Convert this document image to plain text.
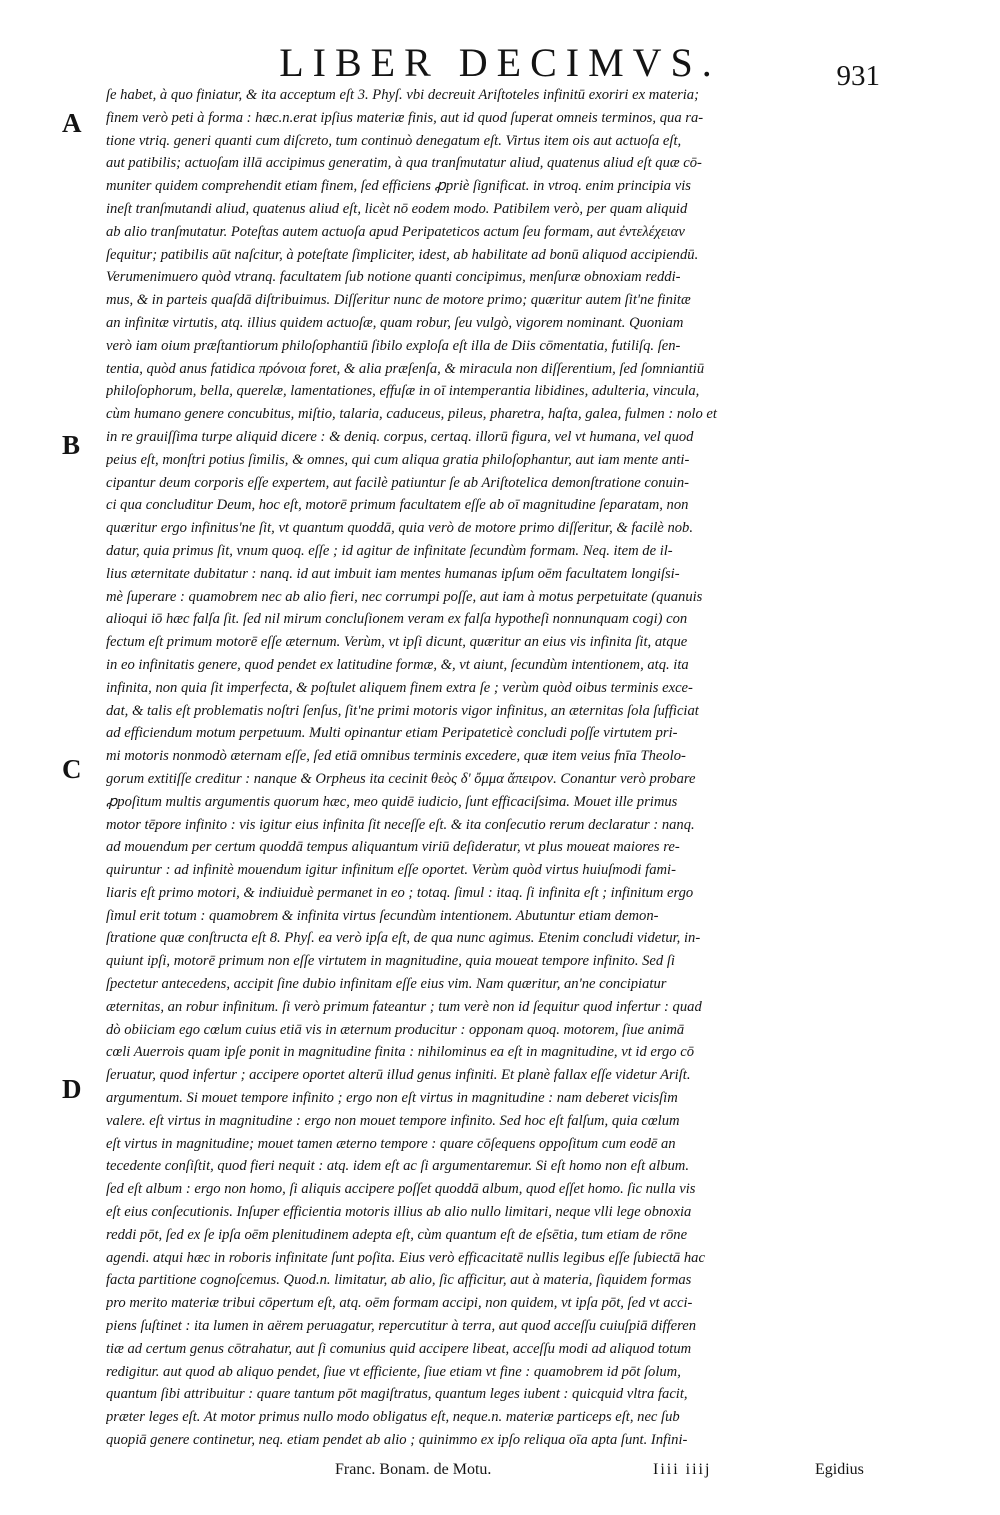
LIBER DECIMVS.	931
A
B
C
D
ſe habet, à quo finiatur, & ita acceptum eſt 3. Phyſ. vbi decreuit Ariſtoteles infinitū exoriri ex materia;
finem verò peti à forma : hæc.n.erat ipſius materiæ finis, aut id quod ſuperat omneis terminos, qua ra-
tione vtriq. generi quanti cum diſcreto, tum continuò denegatum eſt. Virtus item ois aut actuoſa eſt,
aut patibilis; actuoſam illā accipimus generatim, à qua tranſmutatur aliud, quatenus aliud eſt quæ cō-
muniter quidem comprehendit etiam finem, ſed efficiens ꝓpriè ſignificat. in vtroq. enim principia vis
ineſt tranſmutandi aliud, quatenus aliud eſt, licèt nō eodem modo. Patibilem verò, per quam aliquid
ab alio tranſmutatur. Poteſtas autem actuoſa apud Peripateticos actum ſeu formam, aut ἐντελέχειαν
ſequitur; patibilis aūt naſcitur, à poteſtate ſimpliciter, idest, ab habilitate ad bonū aliquod accipiendū.
Verumenimuero quòd vtranq. facultatem ſub notione quanti concipimus, menſuræ obnoxiam reddi-
mus, & in parteis quaſdā diſtribuimus. Diſſeritur nunc de motore primo; quæritur autem ſit'ne finitæ
an infinitæ virtutis, atq. illius quidem actuoſæ, quam robur, ſeu vulgò, vigorem nominant. Quoniam
verò iam oium præſtantiorum philoſophantiū ſibilo exploſa eſt illa de Diis cōmentatia, futiliſq. ſen-
tentia, quòd anus fatidica πρόνοια foret, & alia præſenſa, & miracula non diſſerentium, ſed ſomniantiū
philoſophorum, bella, querelæ, lamentationes, effuſæ in oī intemperantia libidines, adulteria, vincula,
cùm humano genere concubitus, miſtio, talaria, caduceus, pileus, pharetra, haſta, galea, fulmen : nolo et
in re grauiſſima turpe aliquid dicere : & deniq. corpus, certaq. illorū figura, vel vt humana, vel quod
peius eſt, monſtri potius ſimilis, & omnes, qui cum aliqua gratia philoſophantur, aut iam mente anti-
cipantur deum corporis eſſe expertem, aut facilè patiuntur ſe ab Ariſtotelica demonſtratione conuin-
ci qua concluditur Deum, hoc eſt, motorē primum facultatem eſſe ab oī magnitudine ſeparatam, non
quæritur ergo infinitus'ne ſit, vt quantum quoddā, quia verò de motore primo diſſeritur, & facilè nob.
datur, quia primus ſit, vnum quoq. eſſe ; id agitur de infinitate ſecundùm formam. Neq. item de il-
lius æternitate dubitatur : nanq. id aut imbuit iam mentes humanas ipſum oēm facultatem longiſsi-
mè ſuperare : quamobrem nec ab alio fieri, nec corrumpi poſſe, aut iam à motus perpetuitate (quanuis
alioqui iō hæc falſa ſit. ſed nil mirum concluſionem veram ex falſa hypotheſi nonnunquam cogi) con
fectum eſt primum motorē eſſe æternum. Verùm, vt ipſi dicunt, quæritur an eius vis infinita ſit, atque
in eo infinitatis genere, quod pendet ex latitudine formæ, &, vt aiunt, ſecundùm intentionem, atq. ita
infinita, non quia ſit imperfecta, & poſtulet aliquem finem extra ſe ; verùm quòd oibus terminis exce-
dat, & talis eſt problematis noſtri ſenſus, ſit'ne primi motoris vigor infinitus, an æternitas ſola ſufficiat
ad efficiendum motum perpetuum. Multi opinantur etiam Peripateticè concludi poſſe virtutem pri-
mi motoris nonmodò æternam eſſe, ſed etiā omnibus terminis excedere, quæ item veius fnīa Theolo-
gorum extitiſſe creditur : nanque & Orpheus ita cecinit θεὸς δ' ὄμμα ἄπειρον. Conantur verò probare
ꝓpoſitum multis argumentis quorum hæc, meo quidē iudicio, ſunt efficaciſsima. Mouet ille primus
motor tēpore infinito : vis igitur eius infinita ſit neceſſe eſt. & ita conſecutio rerum declaratur : nanq.
ad mouendum per certum quoddā tempus aliquantum viriū deſideratur, vt plus moueat maiores re-
quiruntur : ad infinitè mouendum igitur infinitum eſſe oportet. Verùm quòd virtus huiuſmodi fami-
liaris eſt primo motori, & indiuiduè permanet in eo ; totaq. ſimul : itaq. ſi infinita eſt ; infinitum ergo
ſimul erit totum : quamobrem & infinita virtus ſecundùm intentionem. Abutuntur etiam demon-
ſtratione quæ conſtructa eſt 8. Phyſ. ea verò ipſa eſt, de qua nunc agimus. Etenim concludi videtur, in-
quiunt ipſi, motorē primum non eſſe virtutem in magnitudine, quia moueat tempore infinito. Sed ſi
ſpectetur antecedens, accipit ſine dubio infinitam eſſe eius vim. Nam quæritur, an'ne concipiatur
æternitas, an robur infinitum. ſi verò primum fateantur ; tum verè non id ſequitur quod infertur : quad
dò obiiciam ego cœlum cuius etiā vis in æternum producitur : opponam quoq. motorem, ſiue animā
cœli Auerrois quam ipſe ponit in magnitudine finita : nihilominus ea eſt in magnitudine, vt id ergo cō
ſeruatur, quod infertur ; accipere oportet alterū illud genus infiniti. Et planè fallax eſſe videtur Ariſt.
argumentum. Si mouet tempore infinito ; ergo non eſt virtus in magnitudine : nam deberet vicisſim
valere. eſt virtus in magnitudine : ergo non mouet tempore infinito. Sed hoc eſt falſum, quia cœlum
eſt virtus in magnitudine; mouet tamen æterno tempore : quare cōſequens oppoſitum cum eodē an
tecedente conſiſtit, quod fieri nequit : atq. idem eſt ac ſi argumentaremur. Si eſt homo non eſt album.
ſed eſt album : ergo non homo, ſi aliquis accipere poſſet quoddā album, quod eſſet homo. ſic nulla vis
eſt eius conſecutionis. Inſuper efficientia motoris illius ab alio nullo limitari, neque vlli lege obnoxia
reddi pōt, ſed ex ſe ipſa oēm plenitudinem adepta eſt, cùm quantum eſt de eſsētia, tum etiam de rōne
agendi. atqui hæc in roboris infinitate ſunt poſita. Eius verò efficacitatē nullis legibus eſſe ſubiectā hac
facta partitione cognoſcemus. Quod.n. limitatur, ab alio, ſic afficitur, aut à materia, ſiquidem formas
pro merito materiæ tribui cōpertum eſt, atq. oēm formam accipi, non quidem, vt ipſa pōt, ſed vt acci-
piens ſuſtinet : ita lumen in aërem peruagatur, repercutitur à terra, aut quod acceſſu cuiuſpiā differen
tiæ ad certum genus cōtrahatur, aut ſi comunius quid accipere libeat, acceſſu modi ad aliquod totum
redigitur. aut quod ab aliquo pendet, ſiue vt efficiente, ſiue etiam vt fine : quamobrem id pōt ſolum,
quantum ſibi attribuitur : quare tantum pōt magiſtratus, quantum leges iubent : quicquid vltra facit,
præter leges eſt. At motor primus nullo modo obligatus eſt, neque.n. materiæ particeps eſt, nec ſub
quopiā genere continetur, neq. etiam pendet ab alio ; quinimmo ex ipſo reliqua oīa apta ſunt. Infini-
Franc. Bonam. de Motu.	Iiii iiij	Egidius
